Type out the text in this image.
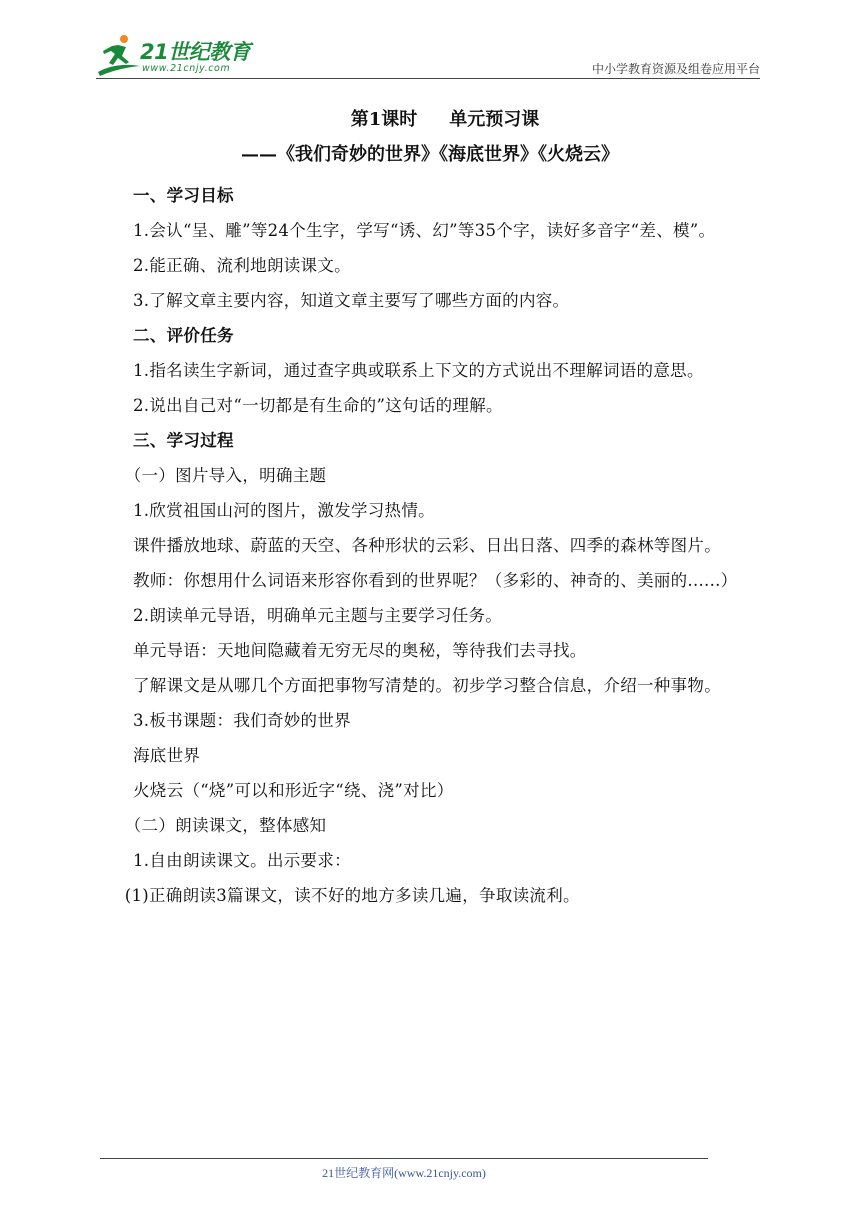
21世纪教育
www.21cnjy.com	中小学教育资源及组卷应用平台
第1课时 单元预习课
——《我们奇妙的世界》《海底世界》《火烧云》

一、学习目标

1.会认“呈、雕”等24个生字，学写“诱、幻”等35个字，读好多音字“差、模”。

2.能正确、流利地朗读课文。

3.了解文章主要内容，知道文章主要写了哪些方面的内容。

二、评价任务

1.指名读生字新词，通过查字典或联系上下文的方式说出不理解词语的意思。

2.说出自己对“一切都是有生命的”这句话的理解。

三、学习过程

（一）图片导入，明确主题

1.欣赏祖国山河的图片，激发学习热情。

课件播放地球、蔚蓝的天空、各种形状的云彩、日出日落、四季的森林等图片。

教师：你想用什么词语来形容你看到的世界呢？（多彩的、神奇的、美丽的......）

2.朗读单元导语，明确单元主题与主要学习任务。

单元导语：天地间隐藏着无穷无尽的奥秘，等待我们去寻找。

了解课文是从哪几个方面把事物写清楚的。初步学习整合信息，介绍一种事物。

3.板书课题：我们奇妙的世界

海底世界

火烧云（“烧”可以和形近字“绕、浇”对比）

（二）朗读课文，整体感知

1.自由朗读课文。出示要求：

(1)正确朗读3篇课文，读不好的地方多读几遍，争取读流利。

21世纪教育网(www.21cnjy.com)
